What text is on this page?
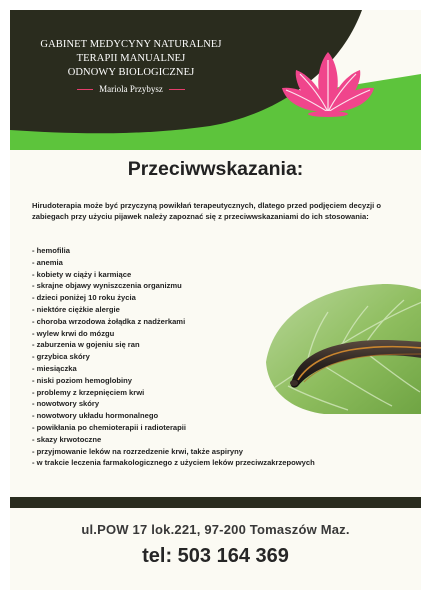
GABINET MEDYCYNY NATURALNEJ
TERAPII MANUALNEJ
ODNOWY BIOLOGICZNEJ
Mariola Przybysz
Przeciwwskazania:

Hirudoterapia może być przyczyną powikłań terapeutycznych, dlatego przed podjęciem decyzji o zabiegach przy użyciu pijawek należy zapoznać się z przeciwwskazaniami do ich stosowania:

- hemofilia
- anemia
- kobiety w ciąży i karmiące
- skrajne objawy wyniszczenia organizmu
- dzieci poniżej 10 roku życia
- niektóre ciężkie alergie
- choroba wrzodowa żołądka z nadżerkami
- wylew krwi do mózgu
- zaburzenia w gojeniu się ran
- grzybica skóry
- miesiączka
- niski poziom hemoglobiny
- problemy z krzepnięciem krwi
- nowotwory skóry
- nowotwory układu hormonalnego
- powikłania po chemioterapii i radioterapii
- skazy krwotoczne
- przyjmowanie leków na rozrzedzenie krwi, także aspiryny
- w trakcie leczenia farmakologicznego z użyciem leków przeciwzakrzepowych
ul.POW 17 lok.221, 97-200 Tomaszów Maz.
tel: 503 164 369
